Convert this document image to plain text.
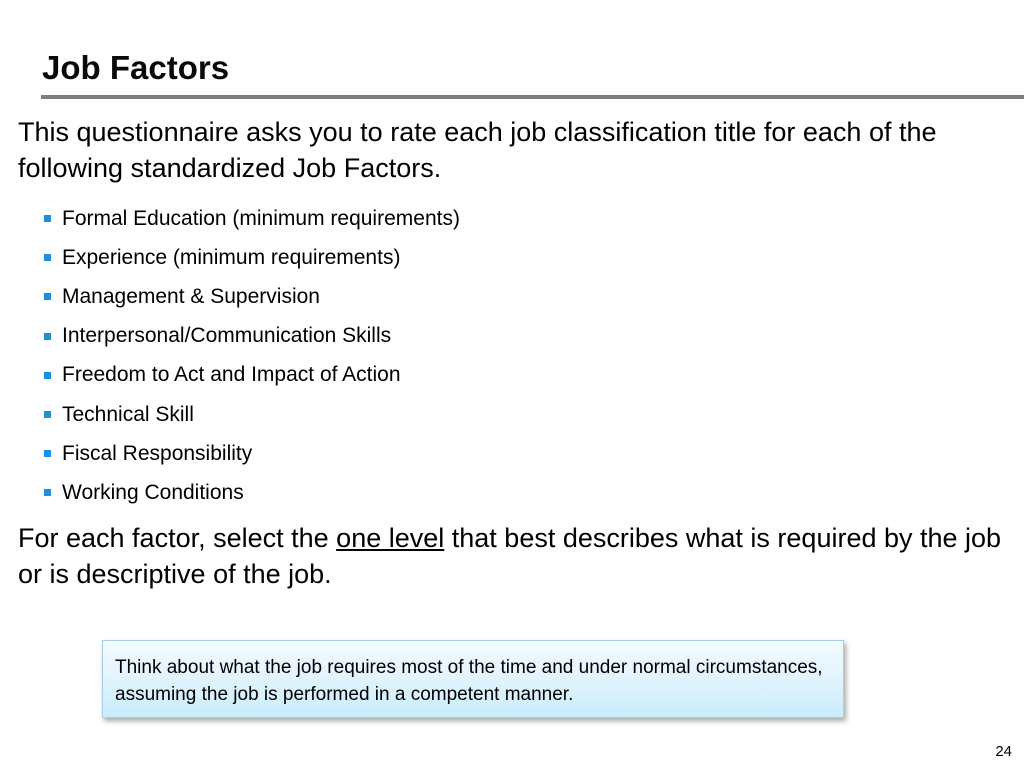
Job Factors
This questionnaire asks you to rate each job classification title for each of the following standardized Job Factors.
Formal Education (minimum requirements)
Experience (minimum requirements)
Management & Supervision
Interpersonal/Communication Skills
Freedom to Act and Impact of Action
Technical Skill
Fiscal Responsibility
Working Conditions
For each factor, select the one level that best describes what is required by the job or is descriptive of the job.
Think about what the job requires most of the time and under normal circumstances, assuming the job is performed in a competent manner.
24
